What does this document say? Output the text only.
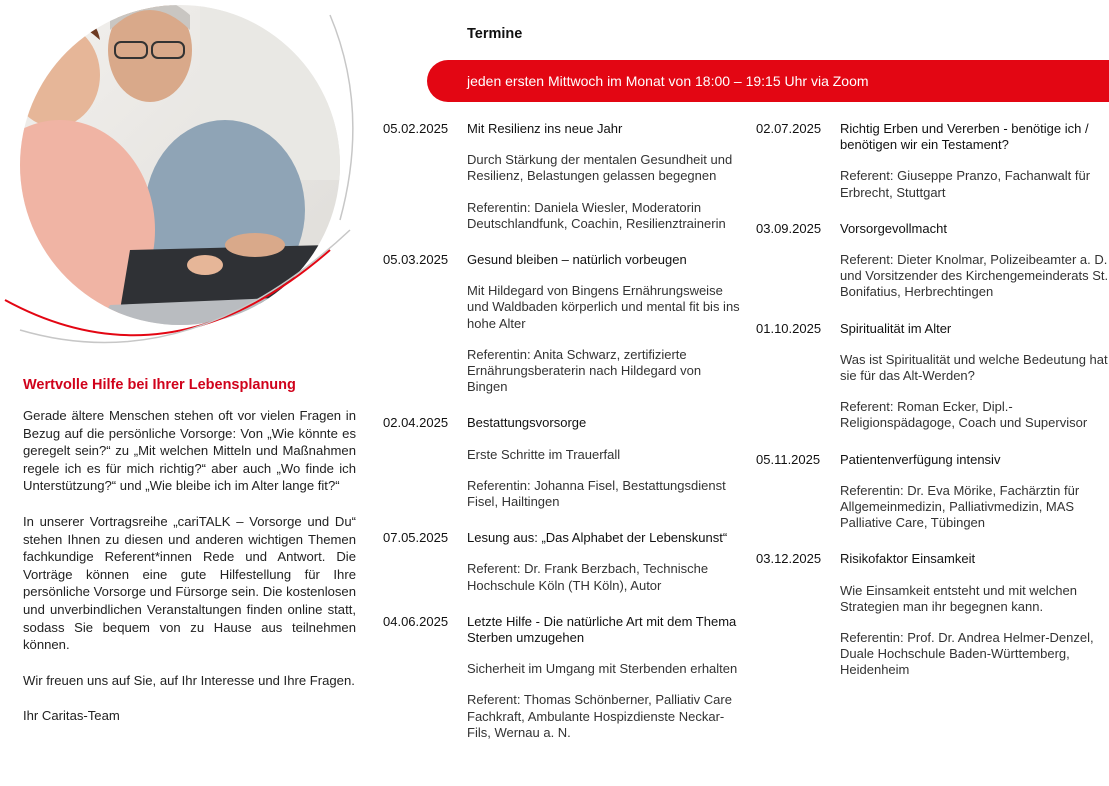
Wertvolle Hilfe bei Ihrer Lebensplanung

Gerade ältere Menschen stehen oft vor vielen Fragen in Bezug auf die persönliche Vorsorge: Von „Wie könnte es geregelt sein?“ zu „Mit welchen Mitteln und Maßnahmen regele ich es für mich richtig?“ aber auch „Wo finde ich Unterstützung?“ und „Wie bleibe ich im Alter lange fit?“

In unserer Vortragsreihe „cariTALK – Vorsorge und Du“ stehen Ihnen zu diesen und anderen wichtigen Themen fachkundige Referent*innen Rede und Antwort. Die Vorträge können eine gute Hilfestellung für Ihre persönliche Vorsorge und Fürsorge sein. Die kostenlosen und unverbindlichen Veranstaltungen finden online statt, sodass Sie bequem von zu Hause aus teilnehmen können.

Wir freuen uns auf Sie, auf Ihr Interesse und Ihre Fragen.

Ihr Caritas-Team

Termine
jeden ersten Mittwoch im Monat von 18:00 – 19:15 Uhr via Zoom
05.02.2025	Mit Resilienz ins neue Jahr
Durch Stärkung der mentalen Gesundheit und Resilienz, Belastungen gelassen begegnen
Referentin: Daniela Wiesler, Moderatorin Deutschlandfunk, Coachin, Resilienztrainerin
05.03.2025	Gesund bleiben – natürlich vorbeugen
Mit Hildegard von Bingens Ernährungsweise und Waldbaden körperlich und mental fit bis ins hohe Alter
Referentin: Anita Schwarz, zertifizierte Ernährungsberaterin nach Hildegard von Bingen
02.04.2025	Bestattungsvorsorge
Erste Schritte im Trauerfall
Referentin: Johanna Fisel, Bestattungsdienst Fisel, Hailtingen
07.05.2025	Lesung aus: „Das Alphabet der Lebenskunst“
Referent: Dr. Frank Berzbach, Technische Hochschule Köln (TH Köln), Autor
04.06.2025	Letzte Hilfe - Die natürliche Art mit dem Thema Sterben umzugehen
Sicherheit im Umgang mit Sterbenden erhalten
Referent: Thomas Schönberner, Palliativ Care Fachkraft, Ambulante Hospizdienste Neckar-Fils, Wernau a. N.
02.07.2025	Richtig Erben und Vererben - benötige ich / benötigen wir ein Testament?
Referent: Giuseppe Pranzo, Fachanwalt für Erbrecht, Stuttgart
03.09.2025	Vorsorgevollmacht
Referent: Dieter Knolmar, Polizeibeamter a. D. und Vorsitzender des Kirchengemeinderats St. Bonifatius, Herbrechtingen
01.10.2025	Spiritualität im Alter
Was ist Spiritualität und welche Bedeutung hat sie für das Alt-Werden?
Referent: Roman Ecker, Dipl.-Religionspädagoge, Coach und Supervisor
05.11.2025	Patientenverfügung intensiv
Referentin: Dr. Eva Mörike, Fachärztin für Allgemeinmedizin, Palliativmedizin, MAS Palliative Care, Tübingen
03.12.2025	Risikofaktor Einsamkeit
Wie Einsamkeit entsteht und mit welchen Strategien man ihr begegnen kann.
Referentin: Prof. Dr. Andrea Helmer-Denzel, Duale Hochschule Baden-Württemberg, Heidenheim
